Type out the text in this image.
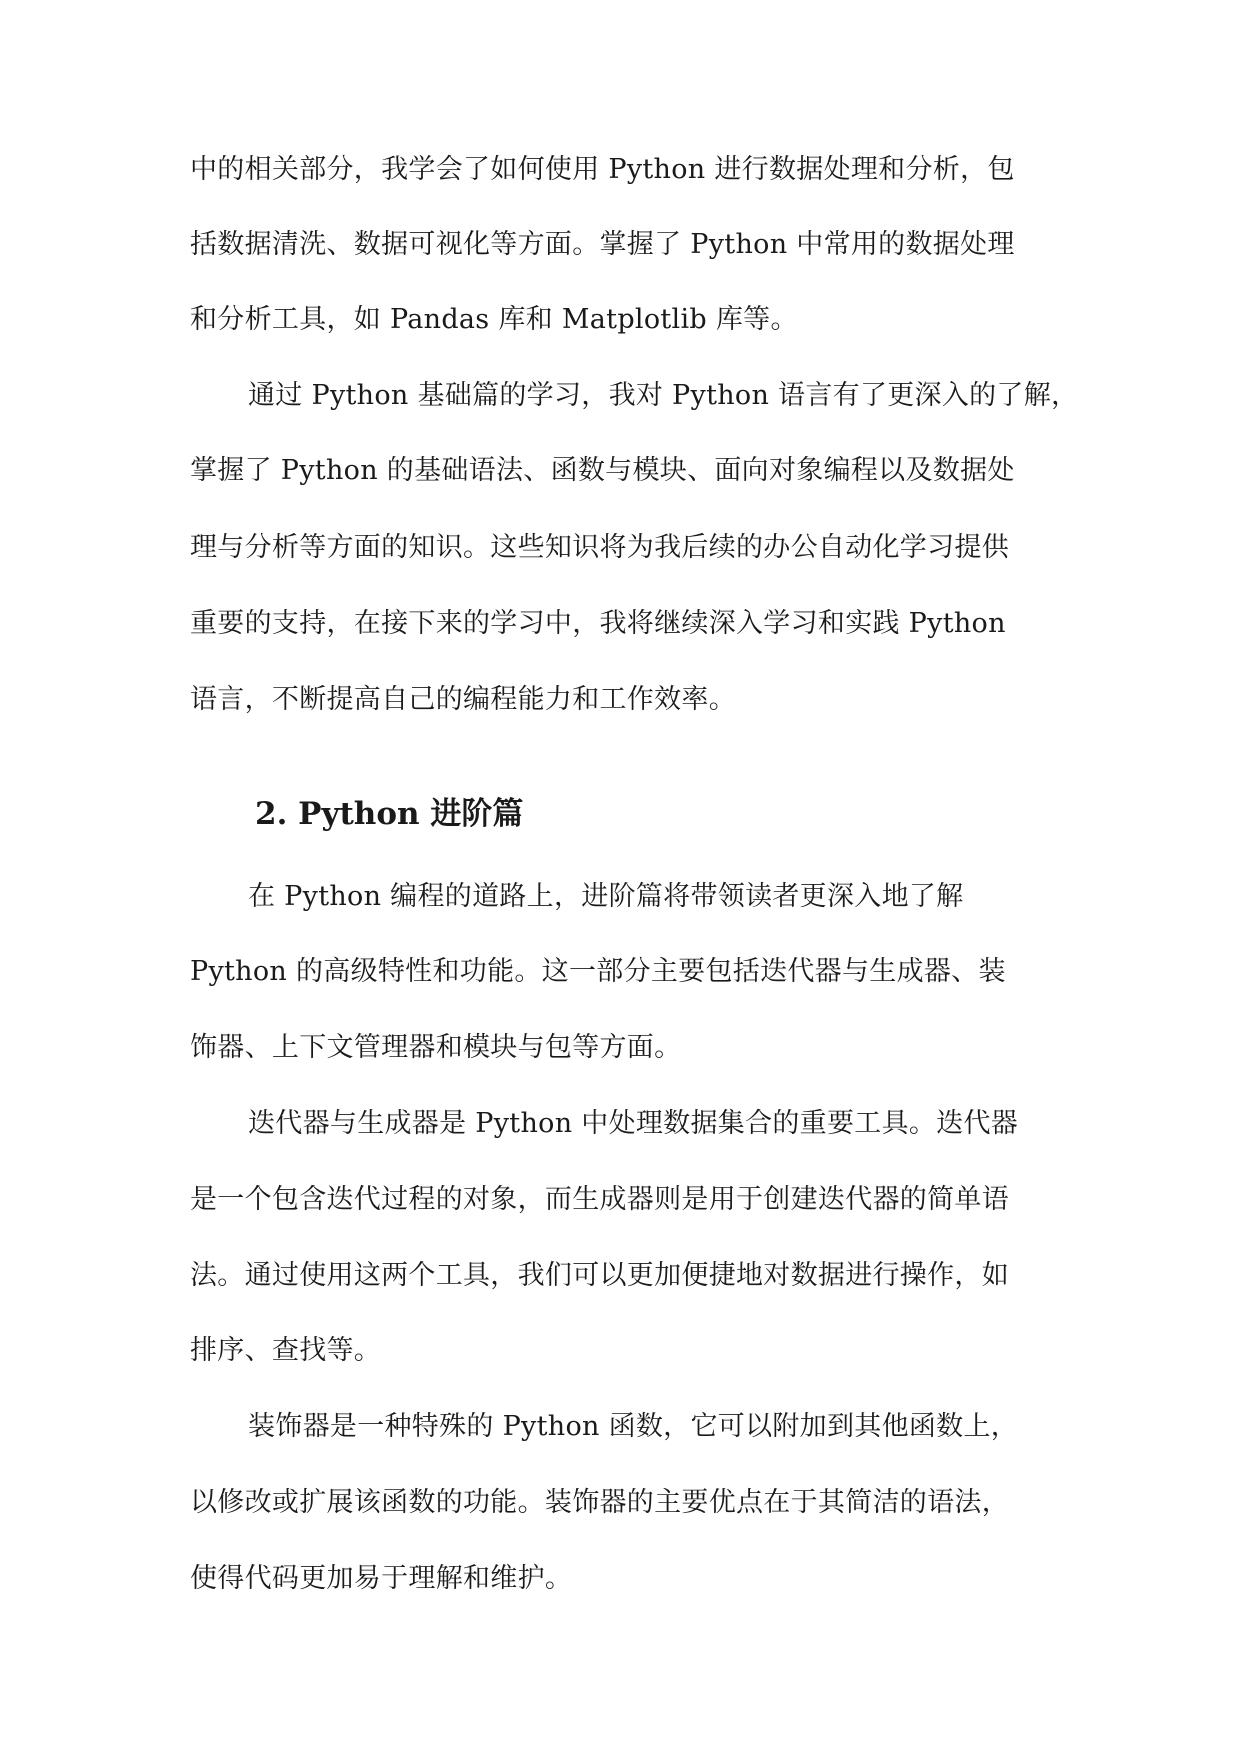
中的相关部分，我学会了如何使用 Python 进行数据处理和分析，包
括数据清洗、数据可视化等方面。掌握了 Python 中常用的数据处理
和分析工具，如 Pandas 库和 Matplotlib 库等。
通过 Python 基础篇的学习，我对 Python 语言有了更深入的了解，
掌握了 Python 的基础语法、函数与模块、面向对象编程以及数据处
理与分析等方面的知识。这些知识将为我后续的办公自动化学习提供
重要的支持，在接下来的学习中，我将继续深入学习和实践 Python
语言，不断提高自己的编程能力和工作效率。
2. Python 进阶篇
在 Python 编程的道路上，进阶篇将带领读者更深入地了解
Python 的高级特性和功能。这一部分主要包括迭代器与生成器、装
饰器、上下文管理器和模块与包等方面。
迭代器与生成器是 Python 中处理数据集合的重要工具。迭代器
是一个包含迭代过程的对象，而生成器则是用于创建迭代器的简单语
法。通过使用这两个工具，我们可以更加便捷地对数据进行操作，如
排序、查找等。
装饰器是一种特殊的 Python 函数，它可以附加到其他函数上，
以修改或扩展该函数的功能。装饰器的主要优点在于其简洁的语法，
使得代码更加易于理解和维护。
